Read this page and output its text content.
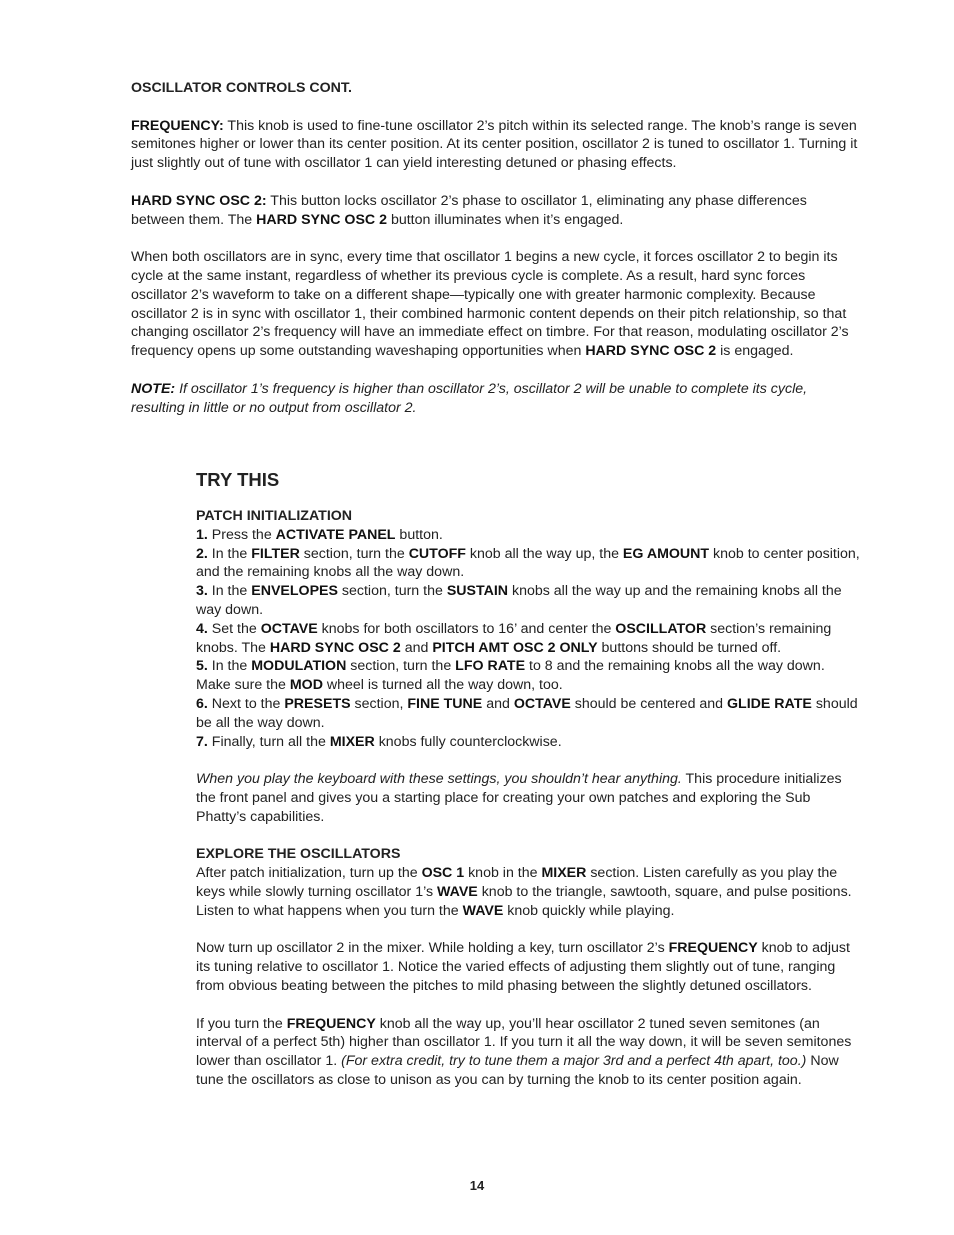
OSCILLATOR CONTROLS CONT.

FREQUENCY: This knob is used to fine-tune oscillator 2’s pitch within its selected range. The knob’s range is seven semitones higher or lower than its center position. At its center position, oscillator 2 is tuned to oscillator 1. Turning it just slightly out of tune with oscillator 1 can yield interesting detuned or phasing effects.

HARD SYNC OSC 2: This button locks oscillator 2’s phase to oscillator 1, eliminating any phase differences between them. The HARD SYNC OSC 2 button illuminates when it’s engaged.

When both oscillators are in sync, every time that oscillator 1 begins a new cycle, it forces oscillator 2 to begin its cycle at the same instant, regardless of whether its previous cycle is complete. As a result, hard sync forces oscillator 2’s waveform to take on a different shape—typically one with greater harmonic complexity. Because oscillator 2 is in sync with oscillator 1, their combined harmonic content depends on their pitch relationship, so that changing oscillator 2’s frequency will have an immediate effect on timbre. For that reason, modulating oscillator 2’s frequency opens up some outstanding waveshaping opportunities when HARD SYNC OSC 2 is engaged.

NOTE: If oscillator 1’s frequency is higher than oscillator 2’s, oscillator 2 will be unable to complete its cycle, resulting in little or no output from oscillator 2.

TRY THIS

PATCH INITIALIZATION

1. Press the ACTIVATE PANEL button.

2. In the FILTER section, turn the CUTOFF knob all the way up, the EG AMOUNT knob to center position, and the remaining knobs all the way down.

3. In the ENVELOPES section, turn the SUSTAIN knobs all the way up and the remaining knobs all the way down.

4. Set the OCTAVE knobs for both oscillators to 16’ and center the OSCILLATOR section’s remaining knobs. The HARD SYNC OSC 2 and PITCH AMT OSC 2 ONLY buttons should be turned off.

5. In the MODULATION section, turn the LFO RATE to 8 and the remaining knobs all the way down. Make sure the MOD wheel is turned all the way down, too.

6. Next to the PRESETS section, FINE TUNE and OCTAVE should be centered and GLIDE RATE should be all the way down.

7. Finally, turn all the MIXER knobs fully counterclockwise.

When you play the keyboard with these settings, you shouldn’t hear anything. This procedure initializes the front panel and gives you a starting place for creating your own patches and exploring the Sub Phatty’s capabilities.

EXPLORE THE OSCILLATORS

After patch initialization, turn up the OSC 1 knob in the MIXER section. Listen carefully as you play the keys while slowly turning oscillator 1’s WAVE knob to the triangle, sawtooth, square, and pulse positions. Listen to what happens when you turn the WAVE knob quickly while playing.

Now turn up oscillator 2 in the mixer. While holding a key, turn oscillator 2’s FREQUENCY knob to adjust its tuning relative to oscillator 1. Notice the varied effects of adjusting them slightly out of tune, ranging from obvious beating between the pitches to mild phasing between the slightly detuned oscillators.

If you turn the FREQUENCY knob all the way up, you’ll hear oscillator 2 tuned seven semitones (an interval of a perfect 5th) higher than oscillator 1. If you turn it all the way down, it will be seven semitones lower than oscillator 1. (For extra credit, try to tune them a major 3rd and a perfect 4th apart, too.) Now tune the oscillators as close to unison as you can by turning the knob to its center position again.

14
